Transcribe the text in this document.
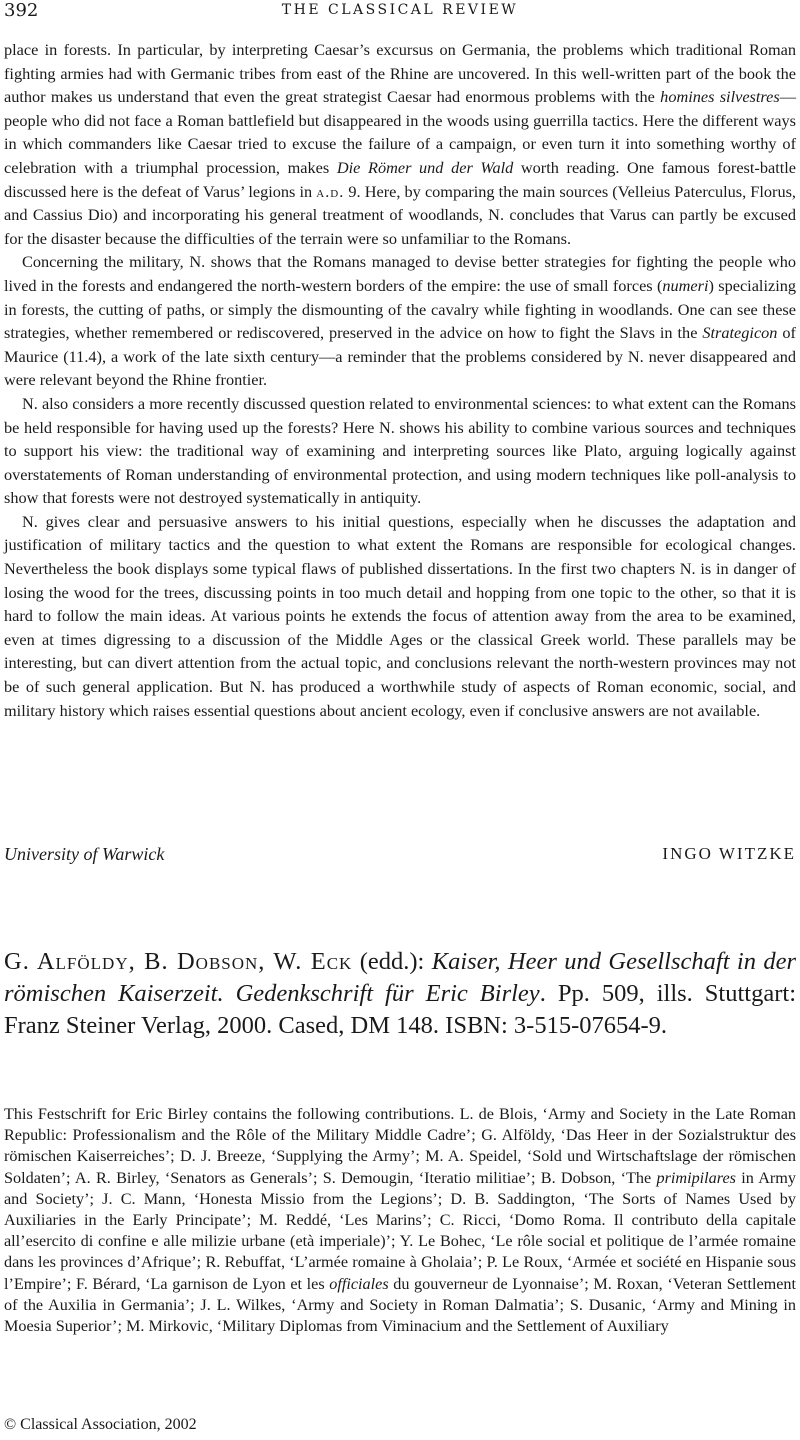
392	THE CLASSICAL REVIEW

place in forests. In particular, by interpreting Caesar’s excursus on Germania, the problems which traditional Roman fighting armies had with Germanic tribes from east of the Rhine are uncovered. In this well-written part of the book the author makes us understand that even the great strategist Caesar had enormous problems with the homines silvestres—people who did not face a Roman battlefield but disappeared in the woods using guerrilla tactics. Here the different ways in which commanders like Caesar tried to excuse the failure of a campaign, or even turn it into something worthy of celebration with a triumphal procession, makes Die Römer und der Wald worth reading. One famous forest-battle discussed here is the defeat of Varus’ legions in a.d. 9. Here, by comparing the main sources (Velleius Paterculus, Florus, and Cassius Dio) and incorporating his general treatment of woodlands, N. concludes that Varus can partly be excused for the disaster because the difficulties of the terrain were so unfamiliar to the Romans.

Concerning the military, N. shows that the Romans managed to devise better strategies for fighting the people who lived in the forests and endangered the north-western borders of the empire: the use of small forces (numeri) specializing in forests, the cutting of paths, or simply the dismounting of the cavalry while fighting in woodlands. One can see these strategies, whether remembered or rediscovered, preserved in the advice on how to fight the Slavs in the Strategicon of Maurice (11.4), a work of the late sixth century—a reminder that the problems considered by N. never disappeared and were relevant beyond the Rhine frontier.

N. also considers a more recently discussed question related to environmental sciences: to what extent can the Romans be held responsible for having used up the forests? Here N. shows his ability to combine various sources and techniques to support his view: the traditional way of examining and interpreting sources like Plato, arguing logically against overstatements of Roman understanding of environmental protection, and using modern techniques like poll-analysis to show that forests were not destroyed systematically in antiquity.

N. gives clear and persuasive answers to his initial questions, especially when he discusses the adaptation and justification of military tactics and the question to what extent the Romans are responsible for ecological changes. Nevertheless the book displays some typical flaws of published dissertations. In the first two chapters N. is in danger of losing the wood for the trees, discussing points in too much detail and hopping from one topic to the other, so that it is hard to follow the main ideas. At various points he extends the focus of attention away from the area to be examined, even at times digressing to a discussion of the Middle Ages or the classical Greek world. These parallels may be interesting, but can divert attention from the actual topic, and conclusions relevant the north-western provinces may not be of such general application. But N. has produced a worthwhile study of aspects of Roman economic, social, and military history which raises essential questions about ancient ecology, even if conclusive answers are not available.

University of Warwick	INGO WITZKE
G. Alföldy, B. Dobson, W. Eck (edd.): Kaiser, Heer und Gesellschaft in der römischen Kaiserzeit. Gedenkschrift für Eric Birley. Pp. 509, ills. Stuttgart: Franz Steiner Verlag, 2000. Cased, DM 148. ISBN: 3-515-07654-9.

This Festschrift for Eric Birley contains the following contributions. L. de Blois, ‘Army and Society in the Late Roman Republic: Professionalism and the Rôle of the Military Middle Cadre’; G. Alföldy, ‘Das Heer in der Sozialstruktur des römischen Kaiserreiches’; D. J. Breeze, ‘Supplying the Army’; M. A. Speidel, ‘Sold und Wirtschaftslage der römischen Soldaten’; A. R. Birley, ‘Senators as Generals’; S. Demougin, ‘Iteratio militiae’; B. Dobson, ‘The primipilares in Army and Society’; J. C. Mann, ‘Honesta Missio from the Legions’; D. B. Saddington, ‘The Sorts of Names Used by Auxiliaries in the Early Principate’; M. Reddé, ‘Les Marins’; C. Ricci, ‘Domo Roma. Il contributo della capitale all’esercito di confine e alle milizie urbane (età imperiale)’; Y. Le Bohec, ‘Le rôle social et politique de l’armée romaine dans les provinces d’Afrique’; R. Rebuffat, ‘L’armée romaine à Gholaia’; P. Le Roux, ‘Armée et société en Hispanie sous l’Empire’; F. Bérard, ‘La garnison de Lyon et les officiales du gouverneur de Lyonnaise’; M. Roxan, ‘Veteran Settlement of the Auxilia in Germania’; J. L. Wilkes, ‘Army and Society in Roman Dalmatia’; S. Dusanic, ‘Army and Mining in Moesia Superior’; M. Mirkovic, ‘Military Diplomas from Viminacium and the Settlement of Auxiliary

© Classical Association, 2002
